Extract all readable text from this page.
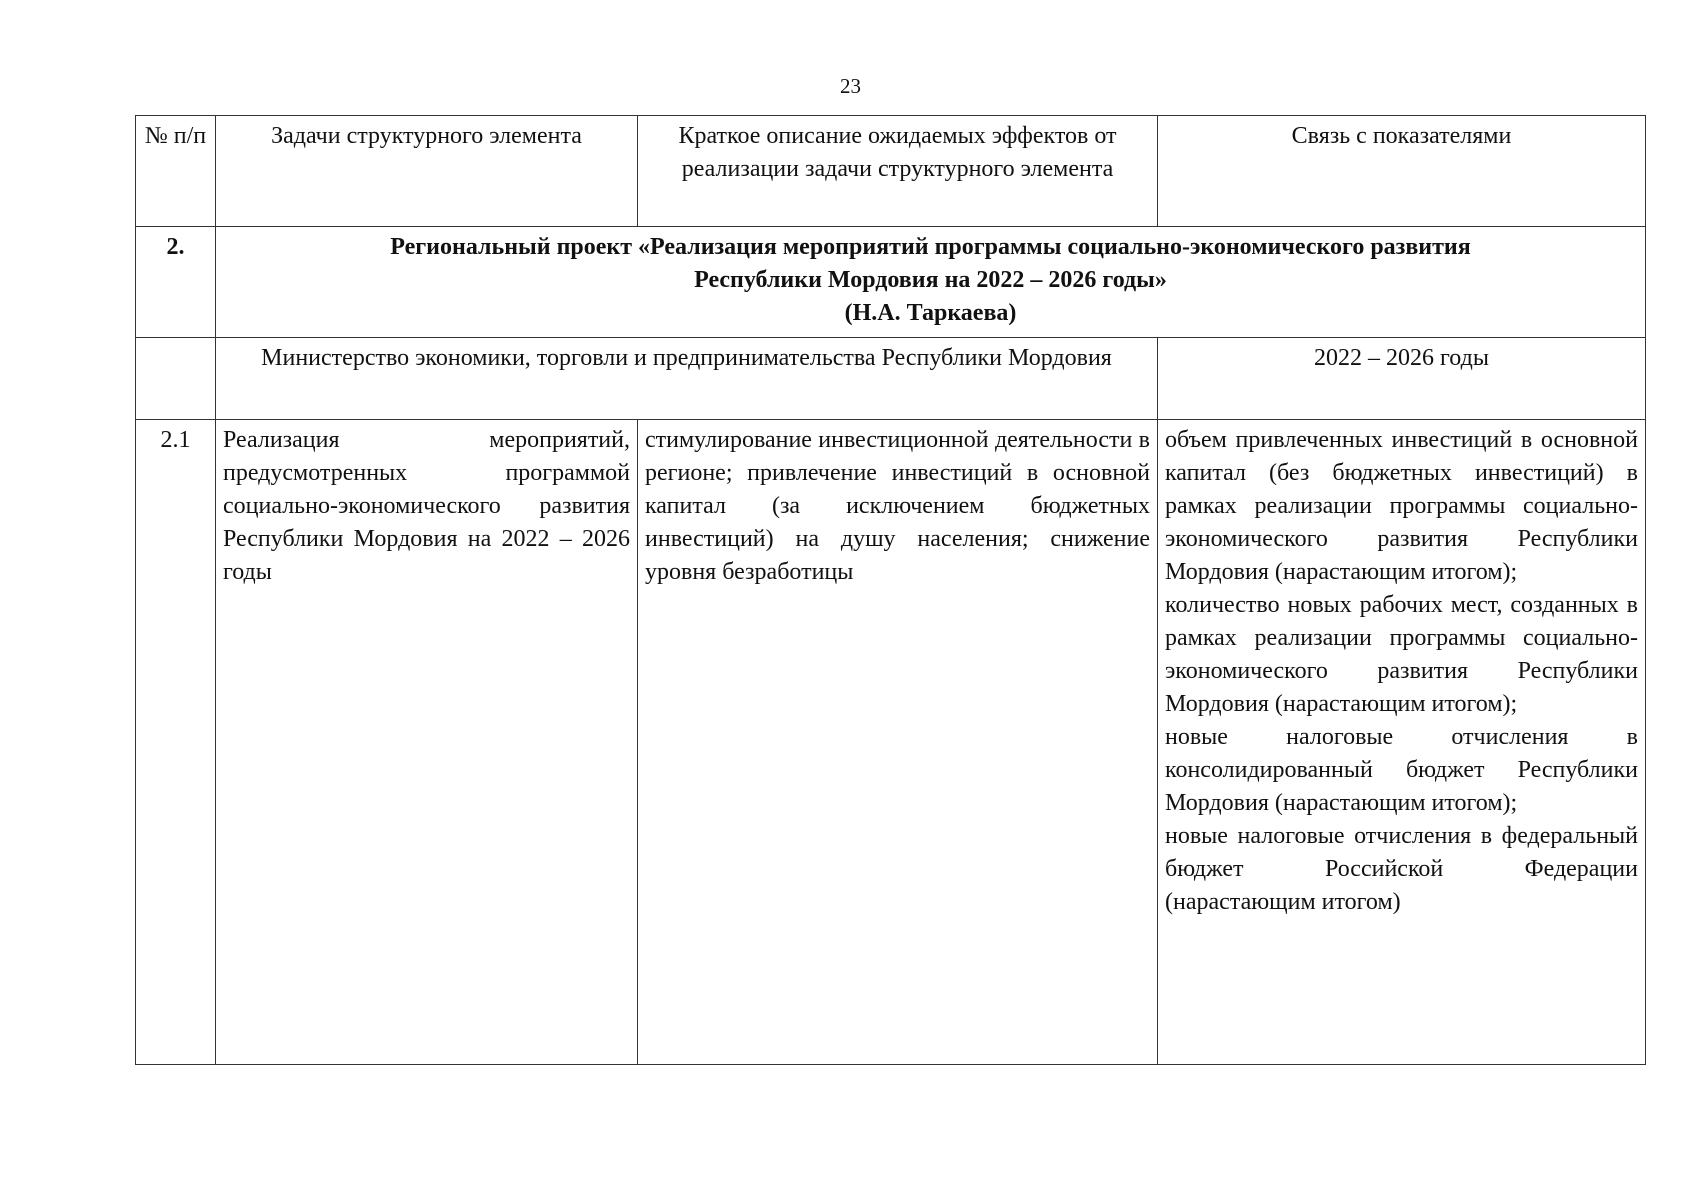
23
№ п/п	Задачи структурного элемента	Краткое описание ожидаемых эффектов от реализации задачи структурного элемента	Связь с показателями
2.	Региональный проект «Реализация мероприятий программы социально-экономического развития
Республики Мордовия на 2022 – 2026 годы»
(Н.А. Таркаева)		

	Министерство экономики, торговли и предпринимательства Республики Мордовия		2022 – 2026 годы
2.1	Реализация мероприятий, предусмотренных программой социально-экономического развития Республики Мордовия на 2022 – 2026 годы	стимулирование инвестиционной деятельности в регионе; привлечение инвестиций в основной капитал (за исключением бюджетных инвестиций) на душу населения; снижение уровня безработицы	объем привлеченных инвестиций в основной капитал (без бюджетных инвестиций) в рамках реализации программы социально-экономического развития Республики Мордовия (нарастающим итогом);
количество новых рабочих мест, созданных в рамках реализации программы социально-экономического развития Республики Мордовия (нарастающим итогом);
новые налоговые отчисления в консолидированный бюджет Республики Мордовия (нарастающим итогом);
новые налоговые отчисления в федеральный бюджет Российской Федерации (нарастающим итогом)
